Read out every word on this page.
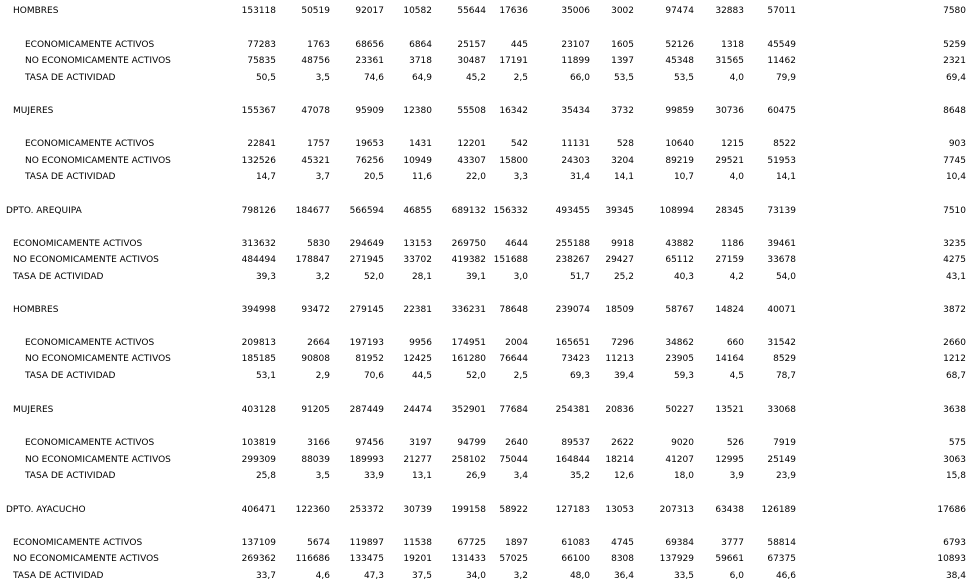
HOMBRES	153118	50519	92017	10582	55644	17636	35006	3002	97474	32883	57011	7580
ECONOMICAMENTE ACTIVOS	77283	1763	68656	6864	25157	445	23107	1605	52126	1318	45549	5259
NO ECONOMICAMENTE ACTIVOS	75835	48756	23361	3718	30487	17191	11899	1397	45348	31565	11462	2321
TASA DE ACTIVIDAD	50,5	3,5	74,6	64,9	45,2	2,5	66,0	53,5	53,5	4,0	79,9	69,4
MUJERES	155367	47078	95909	12380	55508	16342	35434	3732	99859	30736	60475	8648
ECONOMICAMENTE ACTIVOS	22841	1757	19653	1431	12201	542	11131	528	10640	1215	8522	903
NO ECONOMICAMENTE ACTIVOS	132526	45321	76256	10949	43307	15800	24303	3204	89219	29521	51953	7745
TASA DE ACTIVIDAD	14,7	3,7	20,5	11,6	22,0	3,3	31,4	14,1	10,7	4,0	14,1	10,4
DPTO. AREQUIPA	798126	184677	566594	46855	689132 156332	493455	39345	108994	28345	73139	7510
ECONOMICAMENTE ACTIVOS	313632	5830	294649	13153	269750	4644	255188	9918	43882	1186	39461	3235
NO ECONOMICAMENTE ACTIVOS	484494	178847	271945	33702	419382 151688	238267	29427	65112	27159	33678	4275
TASA DE ACTIVIDAD	39,3	3,2	52,0	28,1	39,1	3,0	51,7	25,2	40,3	4,2	54,0	43,1
HOMBRES	394998	93472	279145	22381	336231	78648	239074	18509	58767	14824	40071	3872
ECONOMICAMENTE ACTIVOS	209813	2664	197193	9956	174951	2004	165651	7296	34862	660	31542	2660
NO ECONOMICAMENTE ACTIVOS	185185	90808	81952	12425	161280	76644	73423	11213	23905	14164	8529	1212
TASA DE ACTIVIDAD	53,1	2,9	70,6	44,5	52,0	2,5	69,3	39,4	59,3	4,5	78,7	68,7
MUJERES	403128	91205	287449	24474	352901	77684	254381	20836	50227	13521	33068	3638
ECONOMICAMENTE ACTIVOS	103819	3166	97456	3197	94799	2640	89537	2622	9020	526	7919	575
NO ECONOMICAMENTE ACTIVOS	299309	88039	189993	21277	258102	75044	164844	18214	41207	12995	25149	3063
TASA DE ACTIVIDAD	25,8	3,5	33,9	13,1	26,9	3,4	35,2	12,6	18,0	3,9	23,9	15,8
DPTO. AYACUCHO	406471	122360	253372	30739	199158	58922	127183	13053	207313	63438	126189	17686
ECONOMICAMENTE ACTIVOS	137109	5674	119897	11538	67725	1897	61083	4745	69384	3777	58814	6793
NO ECONOMICAMENTE ACTIVOS	269362	116686	133475	19201	131433	57025	66100	8308	137929	59661	67375	10893
TASA DE ACTIVIDAD	33,7	4,6	47,3	37,5	34,0	3,2	48,0	36,4	33,5	6,0	46,6	38,4
